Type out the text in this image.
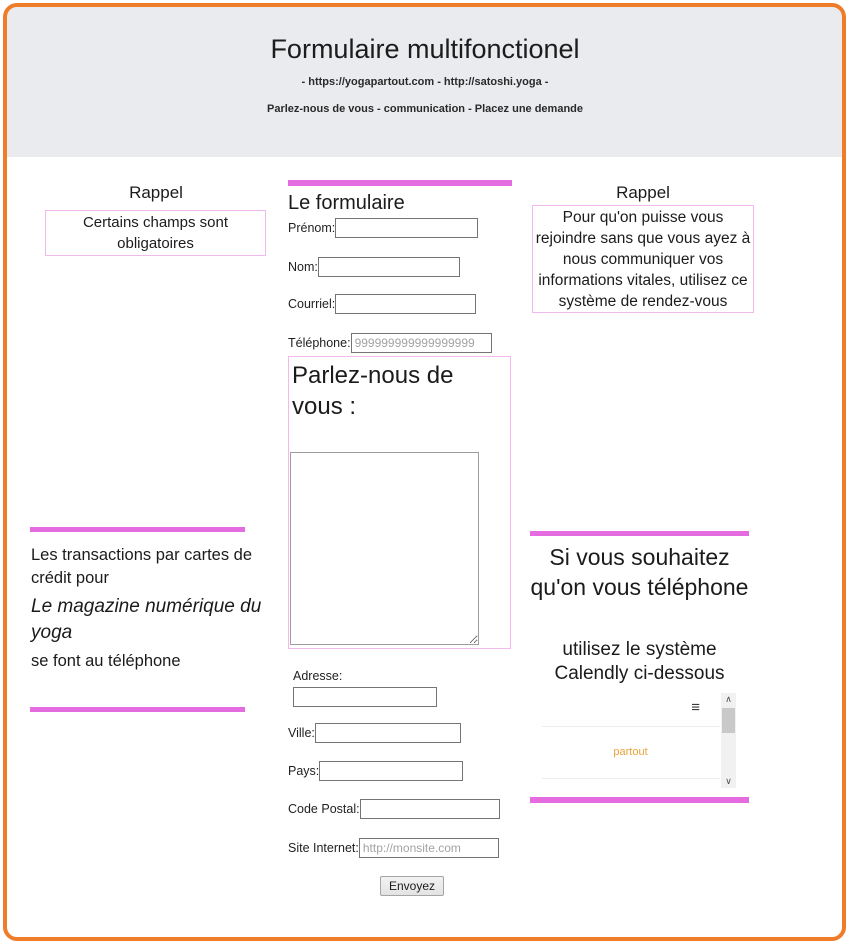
Formulaire multifonctionel
- https://yogapartout.com - http://satoshi.yoga -
Parlez-nous de vous - communication - Placez une demande
Rappel
Certains champs sont obligatoires
Les transactions par cartes de crédit pour
Le magazine numérique du yoga
se font au téléphone
Le formulaire
Prénom:
Nom:
Courriel:
Téléphone:
999999999999999999
Parlez-nous de vous :
Adresse:
Ville:
Pays:
Code Postal:
Site Internet:
http://monsite.com
Envoyez
Rappel
Pour qu'on puisse vous rejoindre sans que vous ayez à nous communiquer vos informations vitales, utilisez ce système de rendez-vous
Si vous souhaitez qu'on vous téléphone
utilisez le système Calendly ci-dessous
≡
partout
∧
∨
